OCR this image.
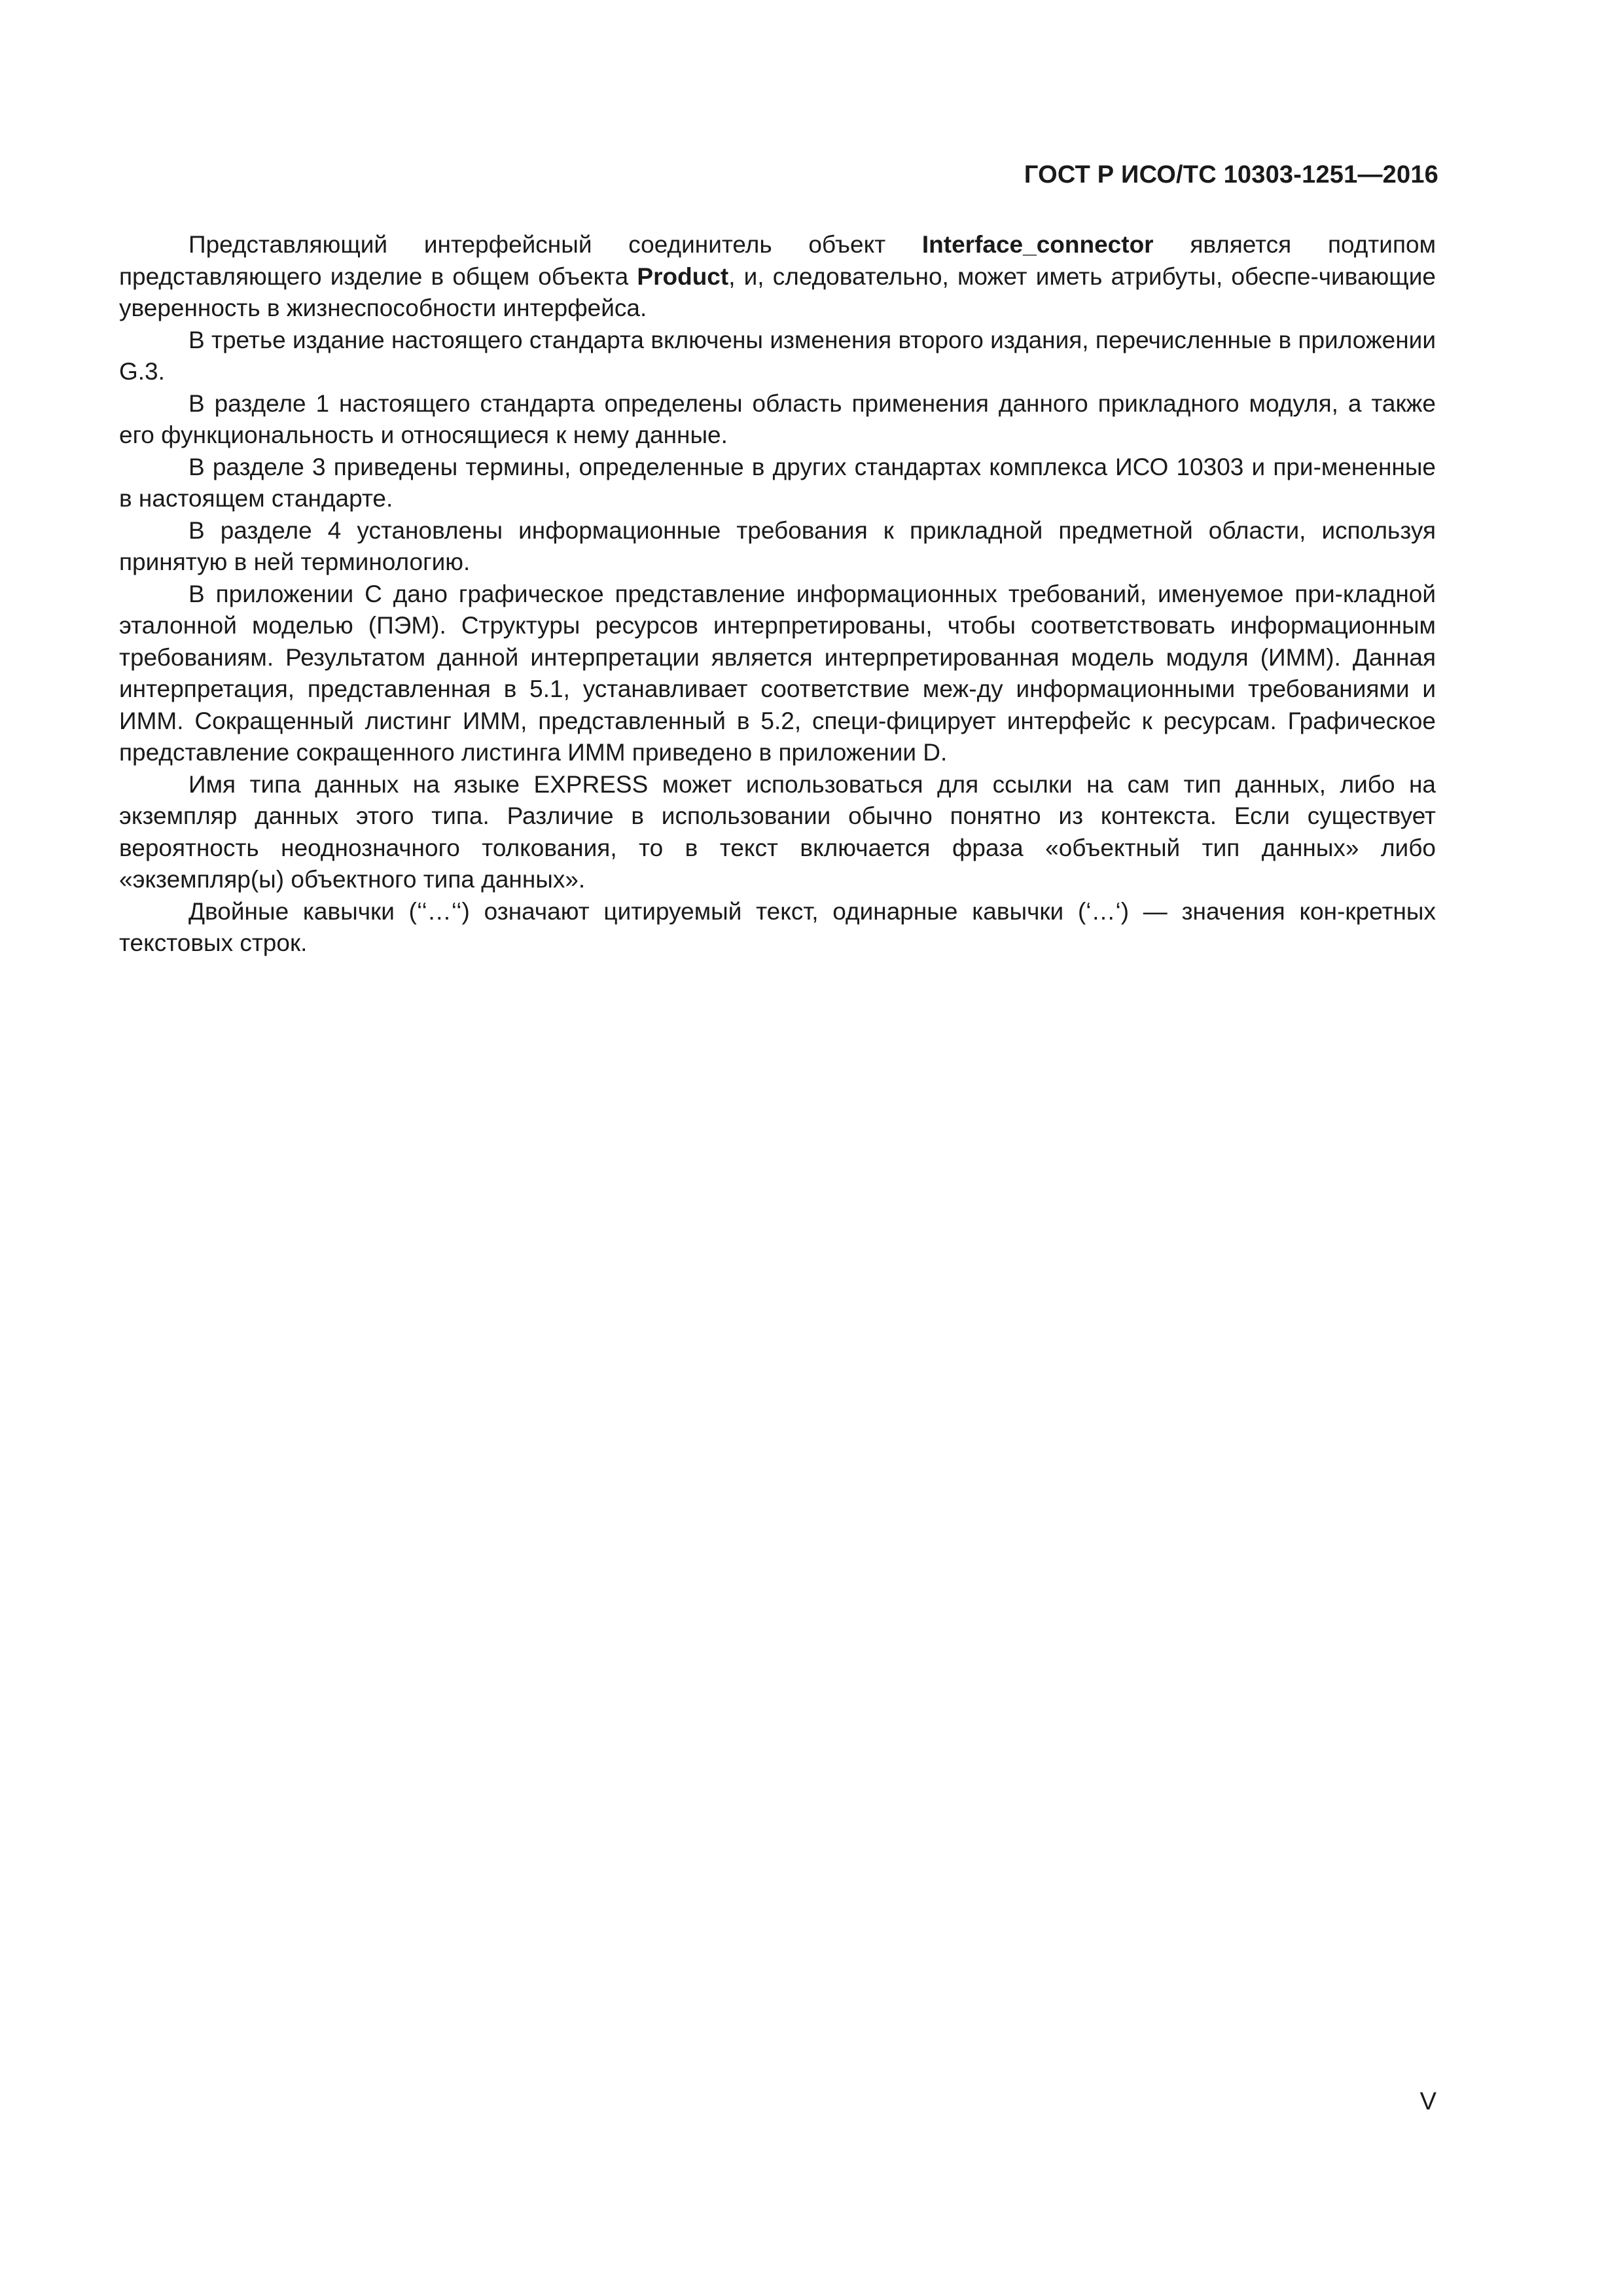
ГОСТ Р ИСО/ТС 10303-1251—2016

Представляющий интерфейсный соединитель объект Interface_connector является подтипом представляющего изделие в общем объекта Product, и, следовательно, может иметь атрибуты, обеспе-чивающие уверенность в жизнеспособности интерфейса.

В третье издание настоящего стандарта включены изменения второго издания, перечисленные в приложении G.3.

В разделе 1 настоящего стандарта определены область применения данного прикладного модуля, а также его функциональность и относящиеся к нему данные.

В разделе 3 приведены термины, определенные в других стандартах комплекса ИСО 10303 и при-мененные в настоящем стандарте.

В разделе 4 установлены информационные требования к прикладной предметной области, используя принятую в ней терминологию.

В приложении С дано графическое представление информационных требований, именуемое при-кладной эталонной моделью (ПЭМ). Структуры ресурсов интерпретированы, чтобы соответствовать информационным требованиям. Результатом данной интерпретации является интерпретированная модель модуля (ИММ). Данная интерпретация, представленная в 5.1, устанавливает соответствие меж-ду информационными требованиями и ИММ. Сокращенный листинг ИММ, представленный в 5.2, специ-фицирует интерфейс к ресурсам. Графическое представление сокращенного листинга ИММ приведено в приложении D.

Имя типа данных на языке EXPRESS может использоваться для ссылки на сам тип данных, либо на экземпляр данных этого типа. Различие в использовании обычно понятно из контекста. Если существует вероятность неоднозначного толкования, то в текст включается фраза «объектный тип данных» либо «экземпляр(ы) объектного типа данных».

Двойные кавычки (‘‘…‘‘) означают цитируемый текст, одинарные кавычки (‘…‘) — значения кон-кретных текстовых строк.

V
